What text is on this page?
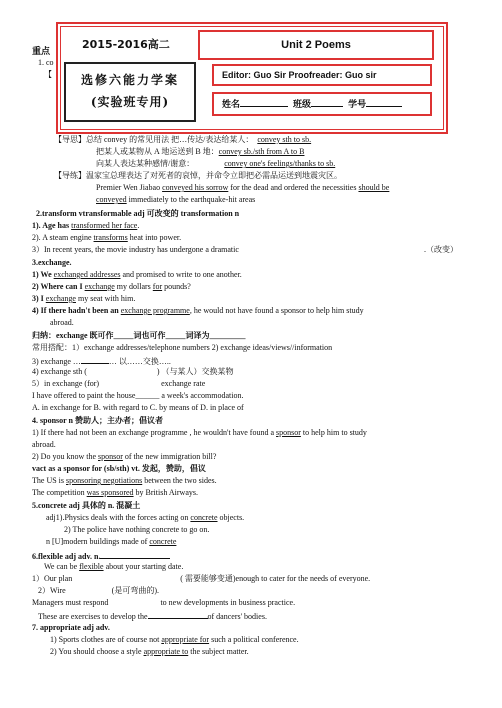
重点
1. co
【
2015-2016高二	Unit 2 Poems
选修六能力学案
(实验班专用)
Editor: Guo Sir Proofreader: Guo sir
姓名	班级	学号
【导思】总结 convey 的常见用法 把…传达/表达给某人： convey sth to sb.
把某人或某物从 A 地运送到 B 地：convey sb./sth from A to B
向某人表达某种感情/谢意：	convey one's feelings/thanks to sb.
【导练】温家宝总理表达了对死者的哀悼，并命令立即把必需品运送到地震灾区。
Premier Wen Jiabao conveyed his sorrow for the dead and ordered the necessities should be
conveyed immediately to the earthquake-hit areas
2.transform vtransformable adj 可改变的 transformation n
1). Age has transformed her face.
2). A steam engine transforms heat into power.
3）In recent years, the movie industry has undergone a dramatic	.（改变）
3.exchange.
1) We exchanged addresses and promised to write to one another.
2) Where can I exchange my dollars for pounds?
3) I exchange my seat with him.
4) If there hadn't been an exchange programme, he would not have found a sponsor to help him study
abroad.
归纳：exchange 既可作_____词也可作_____词译为_________
常用搭配：1）exchange addresses/telephone numbers 2) exchange ideas/views//information
3) exchange …	… 以……交换…..
4) exchange sth (	) （与某人）交换某物
5）in exchange (for)	exchange rate
I have offered to paint the house______ a week's accommodation.
A. in exchange for B. with regard to C. by means of D. in place of
4. sponsor n 赞助人；主办者；倡议者
1) If there had not been an exchange programme , he wouldn't have found a sponsor to help him to study
abroad.
2) Do you know the sponsor of the new immigration bill?
vact as a sponsor for (sb/sth) vt. 发起，赞助，倡议
The US is sponsoring negotiations between the two sides.
The competition was sponsored by British Airways.
5.concrete adj 具体的 n. 混凝土
adj1).Physics deals with the forces acting on concrete objects.
2) The police have nothing concrete to go on.
n [U]modern buildings made of concrete
6.flexible adj adv. n.
We can be flexible about your starting date.
1）Our plan	( 需要能够变通)enough to cater for the needs of everyone.
2）Wire	(是可弯曲的).
Managers must respond	to new developments in business practice.
These are exercises to develop the	of dancers' bodies.
7. appropriate adj adv.
1) Sports clothes are of course not appropriate for such a political conference.
2) You should choose a style appropriate to the subject matter.
